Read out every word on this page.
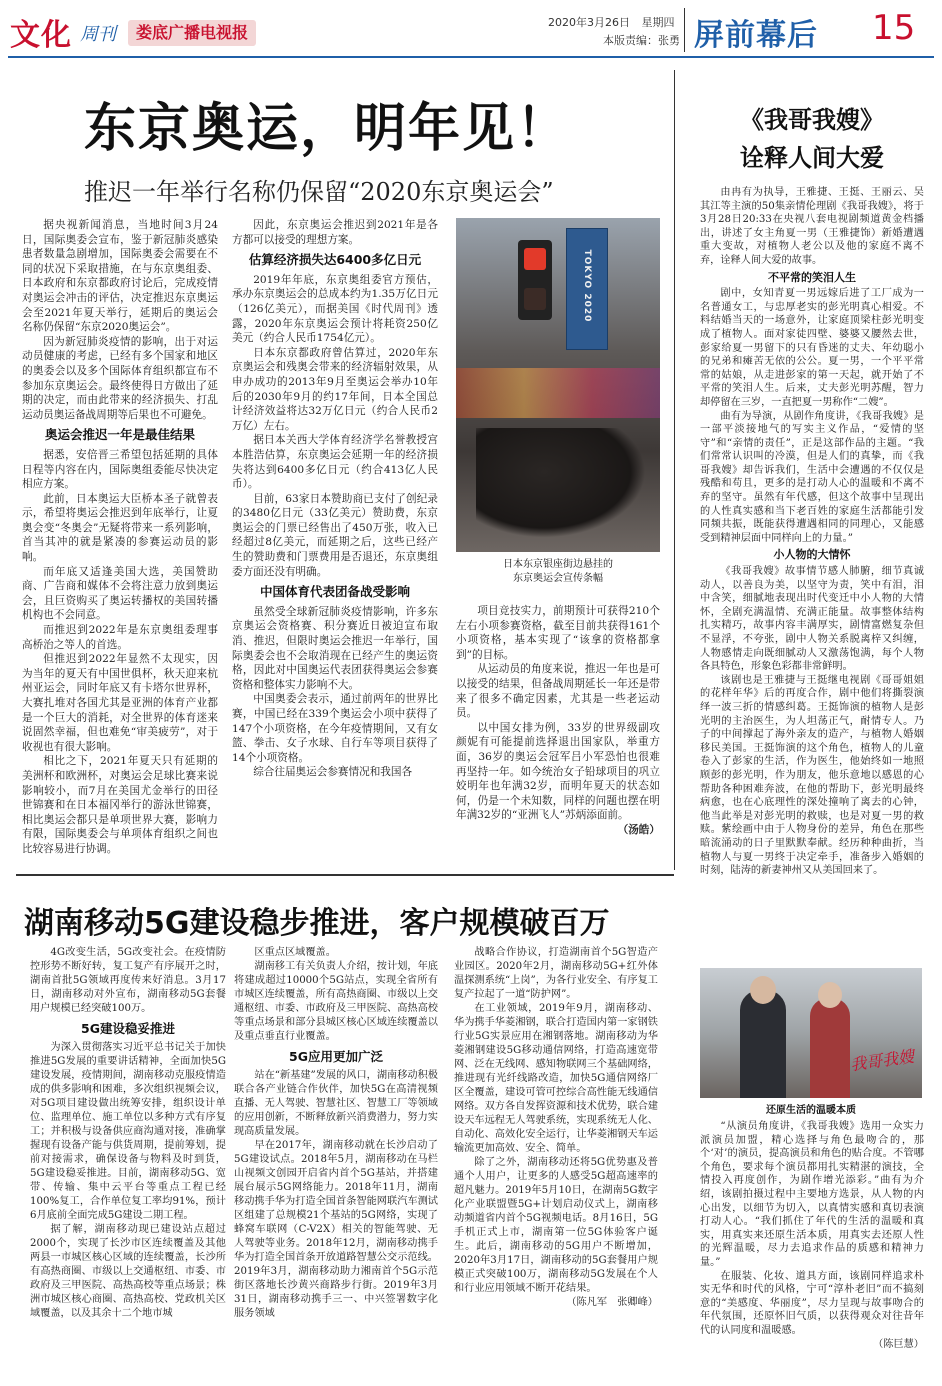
文化 周刊	娄底广播电视报
2020年3月26日 星期四
本版责编：张勇 屏前幕后 15
东京奥运，明年见！
推迟一年举行名称仍保留“2020东京奥运会”

据央视新闻消息，当地时间3月24日，国际奥委会宣布，鉴于新冠肺炎感染患者数量急剧增加，国际奥委会需要在不同的状况下采取措施，在与东京奥组委、日本政府和东京都政府讨论后，完成疫情对奥运会冲击的评估，决定推迟东京奥运会至2021年夏天举行，延期后的奥运会名称仍保留“东京2020奥运会”。

因为新冠肺炎疫情的影响，出于对运动员健康的考虑，已经有多个国家和地区的奥委会以及多个国际体育组织都宣布不参加东京奥运会。最终使得日方做出了延期的决定，而由此带来的经济损失、打乱运动员奥运备战周期等后果也不可避免。

奥运会推迟一年是最佳结果

据悉，安倍晋三希望包括延期的具体日程等内容在内，国际奥组委能尽快决定相应方案。

此前，日本奥运大臣桥本圣子就曾表示，希望将奥运会推迟到年底举行，让夏奥会变“冬奥会”无疑将带来一系列影响，首当其冲的就是紧凑的参赛运动员的影响。

而年底又适逢美国大选，美国赞助商、广告商和媒体不会将注意力放到奥运会，且巨资购买了奥运转播权的美国转播机构也不会同意。

而推迟到2022年是东京奥组委理事高桥治之等人的首选。

但推迟到2022年显然不太现实，因为当年的夏天有中国世俱杯，秋天迎来杭州亚运会，同时年底又有卡塔尔世界杯，大赛扎堆对各国尤其是亚洲的体育产业都是一个巨大的消耗，对全世界的体育迷来说固然幸福，但也难免“审美疲劳”，对于收视也有很大影响。

相比之下，2021年夏天只有延期的美洲杯和欧洲杯，对奥运会足球比赛来说影响较小，而7月在美国尤金举行的田径世锦赛和在日本福冈举行的游泳世锦赛，相比奥运会都只是单项世界大赛，影响力有限，国际奥委会与单项体育组织之间也比较容易进行协调。

因此，东京奥运会推迟到2021年是各方都可以接受的理想方案。

估算经济损失达6400多亿日元

2019年年底，东京奥组委官方预估，承办东京奥运会的总成本约为1.35万亿日元（126亿美元），而据美国《时代周刊》透露，2020年东京奥运会预计将耗资250亿美元（约合人民币1754亿元）。

日本东京都政府曾估算过，2020年东京奥运会和残奥会带来的经济辐射效果，从申办成功的2013年9月至奥运会举办10年后的2030年9月的约17年间，日本全国总计经济效益将达32万亿日元（约合人民币2万亿）左右。

据日本关西大学体育经济学名誉教授宫本胜浩估算，东京奥运会延期一年的经济损失将达到6400多亿日元（约合413亿人民币）。

目前，63家日本赞助商已支付了创纪录的3480亿日元（33亿美元）赞助费，东京奥运会的门票已经售出了450万张，收入已经超过8亿美元，而延期之后，这些已经产生的赞助费和门票费用是否退还，东京奥组委方面还没有明确。

中国体育代表团备战受影响

虽然受全球新冠肺炎疫情影响，许多东京奥运会资格赛、积分赛近日被迫宣布取消、推迟，但限时奥运会推迟一年举行，国际奥委会也不会取消现在已经产生的奥运资格，因此对中国奥运代表团获得奥运会参赛资格和整体实力影响不大。

中国奥委会表示，通过前两年的世界比赛，中国已经在339个奥运会小项中获得了147个小项资格，在今年疫情期间，又有女篮、拳击、女子水球、自行车等项目获得了14个小项资格。

综合往届奥运会参赛情况和我国各

TOKYO 2020
日本东京银座街边悬挂的
东京奥运会宣传条幅

项目竞技实力，前期预计可获得210个左右小项参赛资格，截至目前共获得161个小项资格，基本实现了“该拿的资格都拿到”的目标。

从运动员的角度来说，推迟一年也是可以接受的结果，但备战周期延长一年还是带来了很多不确定因素，尤其是一些老运动员。

以中国女排为例，33岁的世界级副攻颜妮有可能提前选择退出国家队，举重方面，36岁的奥运会冠军吕小军恐怕也很难再坚持一年。如今统治女子铅球项目的巩立姣明年也年满32岁，而明年夏天的状态如何，仍是一个未知数，同样的问题也摆在明年满32岁的“亚洲飞人”苏炳添面前。

（汤皓）
《我哥我嫂》
诠释人间大爱

由冉有为执导，王雅捷、王挺、王丽云、吴其江等主演的50集亲情伦理剧《我哥我嫂》，将于3月28日20:33在央视八套电视剧频道黄金档播出，讲述了女主角夏一男（王雅捷饰）新婚遭遇重大变故，对植物人老公以及他的家庭不离不弃，诠释人间大爱的故事。

不平常的笑泪人生

剧中，女知青夏一男远嫁后进了工厂成为一名普通女工，与忠厚老实的彭光明真心相爱。不料结婚当天的一场意外，让家庭顶梁柱彭光明变成了植物人。面对家徒四壁、婆婆又腰然去世，彭家给夏一男留下的只有昏迷的丈夫、年幼聪小的兄弟和瘫苦无依的公公。夏一男，一个平平常常的姑娘，从走进彭家的第一天起，就开始了不平常的笑泪人生。后来，丈夫彭光明苏醒，智力却停留在三岁，一直把夏一男称作“二嫂”。

曲有为导演，从剧作角度讲，《我哥我嫂》是一部平淡接地气的写实主义作品，“爱情的坚守”和“亲情的责任”，正是这部作品的主题。“我们常常认识叫的冷漠，但是人们的真挚，而《我哥我嫂》却告诉我们，生活中会遭遇的不仅仅是残酷和苟且，更多的是打动人心的温暖和不离不弃的坚守。虽然有年代感，但这个故事中呈现出的人性真实感和当下老百姓的家庭生活都能引发同频共振，既能获得遭遇相同的同理心，又能感受到精神层面中同样向上的力量。”

小人物的大情怀

《我哥我嫂》故事情节感人肺腑，细节真诚动人，以善良为美，以坚守为责，笑中有泪，泪中含笑，细腻地表现出时代变迁中小人物的大情怀，全剧充满温情、充满正能量。故事整体结构扎实精巧，故事内容丰满厚实，剧情富燃复杂但不显浮，不夸张，剧中人物关系脱离梓又纠缠，人物感情走向既细腻动人又激荡饱满，每个人物各具特色，形象色彩都非常鲜明。

该剧也是王雅捷与王挺继电视剧《哥哥姐姐的花样年华》后的再度合作，剧中他们将撕裂演绎一波三折的情感纠葛。王挺饰演的植物人是彭光明的主治医生，为人坦荡正气，耐情专人。乃子的中间撑起了海外亲友的造产，与植物人婚姻移民美国。王挺饰演的这个角色，植物人的儿童卷入了彭家的生活，作为医生，他始终如一地照顾彭的彭光明，作为朋友，他乐意地以感恩的心帮助各种困难奔波，在他的帮助下，彭光明最终病愈，也在心底理性的深处撞响了离去的心钟，他当此举是对彭光明的救赎，也是对夏一男的救赎。紫绘画中由于人物身份的差异，角色在那些暗流涌动的日子里默默奉献。经历种种曲折，当植物人与夏一男终于决定牵手，准备步入婚姻的时刻，陆涛的新妻神州又从美国回来了。

我哥我嫂
还原生活的温暖本质

“从演员角度讲，《我哥我嫂》选用一众实力派演员加盟，精心选择与角色最吻合的，那个‘对’的演员，提高演员和角色的贴合度。不管哪个角色，要求每个演员都用扎实精湛的演技，全情投入再度创作，为剧作增光添彩。”曲有为介绍，该剧拍摄过程中主要地方选景，从人物的内心出发，以细节为切入，以真情实感和真切表演打动人心。“我们抓住了年代的生活的温暖和真实，用真实来还原生活本质，用真实去还原人性的光辉温暖，尽力去追求作品的质感和精神力量。”

在服装、化妆、道具方面，该剧同样追求朴实无华和时代的风格，宁可“淳朴老旧”而不搞刻意的“美感度、华丽度”，尽力呈现与故事吻合的年代氛围，还原怀旧气质，以获得观众对往昔年代的认同度和温暖感。

（陈巨慧）
湖南移动5G建设稳步推进，客户规模破百万

4G改变生活，5G改变社会。在疫情防控形势不断好转，复工复产有序展开之时，湖南首批5G领域再度传来好消息。3月17日，湖南移动对外宣布，湖南移动5G套餐用户规模已经突破100万。

5G建设稳妥推进

为深入贯彻落实习近平总书记关于加快推进5G发展的重要讲话精神，全面加快5G建设发展，疫情期间，湖南移动克服疫情造成的供多影响和困难，多次组织视频会议，对5G项目建设做出统筹安排，组织设计单位、监理单位、施工单位以多种方式有序复工；并积极与设备供应商沟通对接，准确掌握现有设备产能与供货周期，提前筹划，提前对接需求，确保设备与物料及时到货，5G建设稳妥推进。目前，湖南移动5G、宽带、传输、集中云平台等重点工程已经100%复工，合作单位复工率均91%，预计6月底前全面完成5G建设二期工程。

据了解，湖南移动现已建设站点超过2000个，实现了长沙市区连续覆盖及其他两县一市城区核心区域的连续覆盖，长沙所有高热商圈、市级以上交通枢纽、市委、市政府及三甲医院、高热高校等重点场景；株洲市城区核心商圈、高热高校、党政机关区域覆盖，以及其余十二个地市城

区重点区域覆盖。

湖南移工有关负责人介绍，按计划，年底将建成超过10000个5G站点，实现全省所有市城区连续覆盖，所有高热商圈、市级以上交通枢纽、市委、市政府及三甲医院、高热高校等重点场景和部分县城区核心区域连续覆盖以及重点垂直行业覆盖。

5G应用更加广泛

站在“新基建”发展的风口，湖南移动积极联合各产业链合作伙伴，加快5G在高清视频直播、无人驾驶、智慧社区、智慧工厂等领域的应用创新，不断释放新兴消费潜力，努力实现高质量发展。

早在2017年，湖南移动就在长沙启动了5G建设试点。2018年5月，湖南移动在马栏山视频文创园开启省内首个5G基站，并搭建展台展示5G网络能力。2018年11月，湖南移动携手华为打造全国首条智能网联汽车测试区组建了总规模21个基站的5G网络，实现了蜂窝车联网（C-V2X）相关的智能驾驶、无人驾驶等业务。2018年12月，湖南移动携手华为打造全国首条开放道路智慧公交示范线。2019年3月，湖南移动助力湘南首个5G示范街区落地长沙黄兴商路步行街。2019年3月31日，湖南移动携手三一、中兴签署数字化服务领域

战略合作协议，打造湖南首个5G智造产业园区。2020年2月，湖南移动5G+红外体温探测系统“上岗”，为各行业安全、有序复工复产拉起了一道“防护网”。

在工业领域，2019年9月，湖南移动、华为携手华菱湘钢，联合打造国内第一家钢铁行业5G实景应用在湘钢落地。湖南移动为华菱湘钢建设5G移动通信网络，打造高速宽带网、泛在无线网、感知物联网三个基础网络，推进现有光纤线路改造，加快5G通信网络厂区全覆盖，建设可管可控综合高性能无线通信网络。双方各自发挥资源和技术优势，联合建设天车远程无人驾驶系统，实现系统无人化、自动化、高效化安全运行，让华菱湘钢天车运输流更加高效、安全、简单。

除了之外，湖南移动还将5G优势惠及普通个人用户，让更多的人感受5G超高速率的超凡魅力。2019年5月10日，在湖南5G数字化产业联盟暨5G+计划启动仪式上，湖南移动频道省内首个5G视频电话。8月16日，5G手机正式上市，湖南第一位5G体验客户诞生。此后，湖南移动的5G用户不断增加，2020年3月17日，湖南移动的5G套餐用户规模正式突破100万，湖南移动5G发展在个人和行业应用领域不断开花结果。

（陈凡军　张卿峰）
